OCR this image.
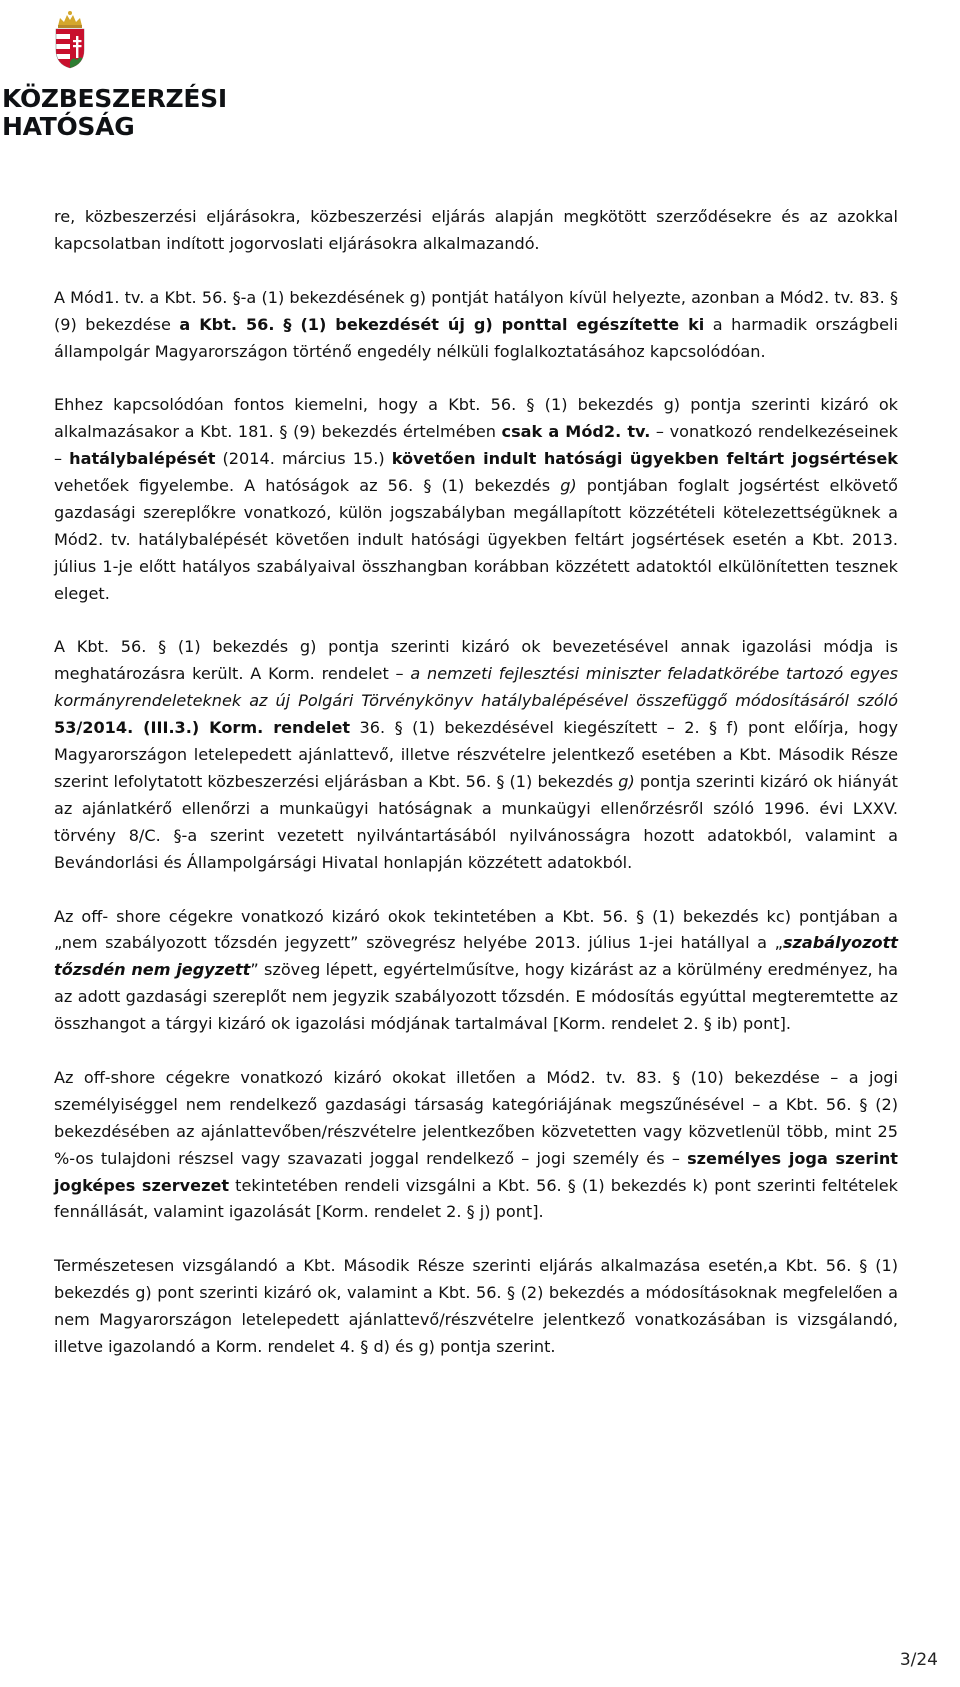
KÖZBESZERZÉSI
HATÓSÁG

re, közbeszerzési eljárásokra, közbeszerzési eljárás alapján megkötött szerződésekre és az azokkal kapcsolatban indított jogorvoslati eljárásokra alkalmazandó.

A Mód1. tv. a Kbt. 56. §-a (1) bekezdésének g) pontját hatályon kívül helyezte, azonban a Mód2. tv. 83. § (9) bekezdése a Kbt. 56. § (1) bekezdését új g) ponttal egészítette ki a harmadik országbeli állampolgár Magyarországon történő engedély nélküli foglalkoztatásához kapcsolódóan.

Ehhez kapcsolódóan fontos kiemelni, hogy a Kbt. 56. § (1) bekezdés g) pontja szerinti kizáró ok alkalmazásakor a Kbt. 181. § (9) bekezdés értelmében csak a Mód2. tv. – vonatkozó rendelkezéseinek – hatálybalépését (2014. március 15.) követően indult hatósági ügyekben feltárt jogsértések vehetőek figyelembe. A hatóságok az 56. § (1) bekezdés g) pontjában foglalt jogsértést elkövető gazdasági szereplőkre vonatkozó, külön jogszabályban megállapított közzétételi kötelezettségüknek a Mód2. tv. hatálybalépését követően indult hatósági ügyekben feltárt jogsértések esetén a Kbt. 2013. július 1-je előtt hatályos szabályaival összhangban korábban közzétett adatoktól elkülönítetten tesznek eleget.

A Kbt. 56. § (1) bekezdés g) pontja szerinti kizáró ok bevezetésével annak igazolási módja is meghatározásra került. A Korm. rendelet – a nemzeti fejlesztési miniszter feladatkörébe tartozó egyes kormányrendeleteknek az új Polgári Törvénykönyv hatálybalépésével összefüggő módosításáról szóló 53/2014. (III.3.) Korm. rendelet 36. § (1) bekezdésével kiegészített – 2. § f) pont előírja, hogy Magyarországon letelepedett ajánlattevő, illetve részvételre jelentkező esetében a Kbt. Második Része szerint lefolytatott közbeszerzési eljárásban a Kbt. 56. § (1) bekezdés g) pontja szerinti kizáró ok hiányát az ajánlatkérő ellenőrzi a munkaügyi hatóságnak a munkaügyi ellenőrzésről szóló 1996. évi LXXV. törvény 8/C. §-a szerint vezetett nyilvántartásából nyilvánosságra hozott adatokból, valamint a Bevándorlási és Állampolgársági Hivatal honlapján közzétett adatokból.

Az off- shore cégekre vonatkozó kizáró okok tekintetében a Kbt. 56. § (1) bekezdés kc) pontjában a „nem szabályozott tőzsdén jegyzett” szövegrész helyébe 2013. július 1-jei hatállyal a „szabályozott tőzsdén nem jegyzett” szöveg lépett, egyértelműsítve, hogy kizárást az a körülmény eredményez, ha az adott gazdasági szereplőt nem jegyzik szabályozott tőzsdén. E módosítás egyúttal megteremtette az összhangot a tárgyi kizáró ok igazolási módjának tartalmával [Korm. rendelet 2. § ib) pont].

Az off-shore cégekre vonatkozó kizáró okokat illetően a Mód2. tv. 83. § (10) bekezdése – a jogi személyiséggel nem rendelkező gazdasági társaság kategóriájának megszűnésével – a Kbt. 56. § (2) bekezdésében az ajánlattevőben/részvételre jelentkezőben közvetetten vagy közvetlenül több, mint 25 %-os tulajdoni részsel vagy szavazati joggal rendelkező – jogi személy és – személyes joga szerint jogképes szervezet tekintetében rendeli vizsgálni a Kbt. 56. § (1) bekezdés k) pont szerinti feltételek fennállását, valamint igazolását [Korm. rendelet 2. § j) pont].

Természetesen vizsgálandó a Kbt. Második Része szerinti eljárás alkalmazása esetén,a Kbt. 56. § (1) bekezdés g) pont szerinti kizáró ok, valamint a Kbt. 56. § (2) bekezdés a módosításoknak megfelelően a nem Magyarországon letelepedett ajánlattevő/részvételre jelentkező vonatkozásában is vizsgálandó, illetve igazolandó a Korm. rendelet 4. § d) és g) pontja szerint.

3/24
